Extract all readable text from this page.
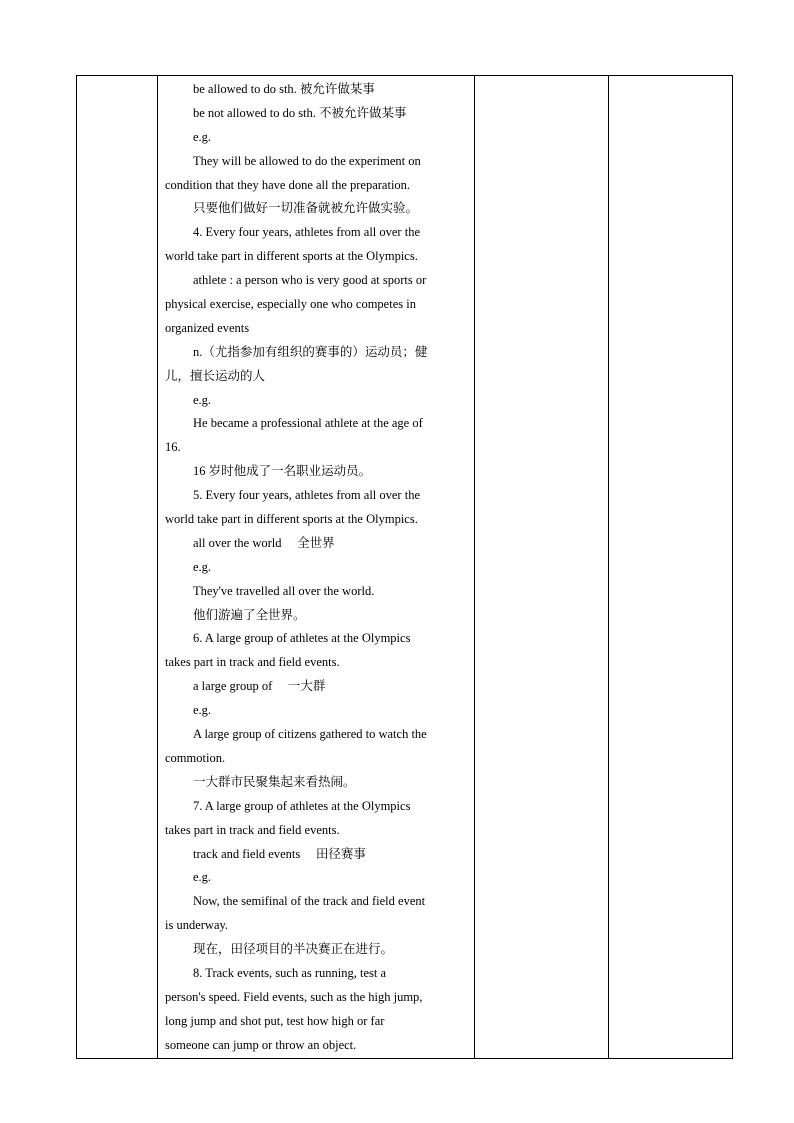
be allowed to do sth. 被允许做某事
be not allowed to do sth. 不被允许做某事
e.g.
They will be allowed to do the experiment on
condition that they have done all the preparation.
只要他们做好一切准备就被允许做实验。
4. Every four years, athletes from all over the
world take part in different sports at the Olympics.
athlete : a person who is very good at sports or
physical exercise, especially one who competes in
organized events
n.（尤指参加有组织的赛事的）运动员；健
儿，擅长运动的人
e.g.
He became a professional athlete at the age of
16.
16 岁时他成了一名职业运动员。
5. Every four years, athletes from all over the
world take part in different sports at the Olympics.
all over the world　 全世界
e.g.
They've travelled all over the world.
他们游遍了全世界。
6. A large group of athletes at the Olympics
takes part in track and field events.
a large group of　 一大群
e.g.
A large group of citizens gathered to watch the
commotion.
一大群市民聚集起来看热闹。
7. A large group of athletes at the Olympics
takes part in track and field events.
track and field events　 田径赛事
e.g.
Now, the semifinal of the track and field event
is underway.
现在，田径项目的半决赛正在进行。
8. Track events, such as running, test a
person's speed. Field events, such as the high jump,
long jump and shot put, test how high or far
someone can jump or throw an object.
